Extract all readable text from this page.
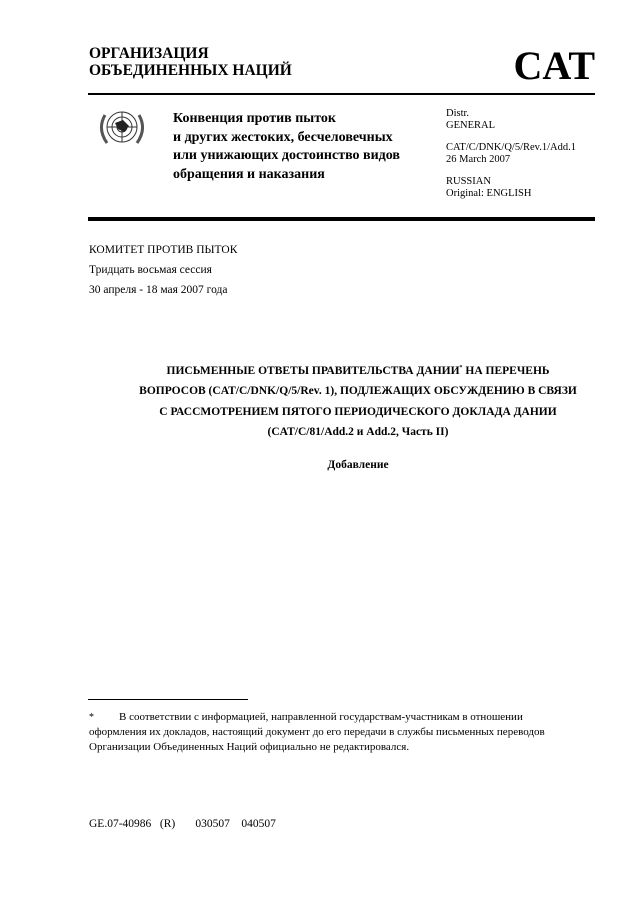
ОРГАНИЗАЦИЯ
ОБЪЕДИНЕННЫХ НАЦИЙ	CAT
Конвенция против пыток
и других жестоких, бесчеловечных
или унижающих достоинство видов
обращения и наказания
Distr.
GENERAL
CAT/C/DNK/Q/5/Rev.1/Add.1
26 March 2007
RUSSIAN
Original: ENGLISH
КОМИТЕТ ПРОТИВ ПЫТОК
Тридцать восьмая сессия
30 апреля - 18 мая 2007 года
ПИСЬМЕННЫЕ ОТВЕТЫ ПРАВИТЕЛЬСТВА ДАНИИ* НА ПЕРЕЧЕНЬ
ВОПРОСОВ (CAT/C/DNK/Q/5/Rev. 1), ПОДЛЕЖАЩИХ ОБСУЖДЕНИЮ В СВЯЗИ
С РАССМОТРЕНИЕМ ПЯТОГО ПЕРИОДИЧЕСКОГО ДОКЛАДА ДАНИИ
(CAT/C/81/Add.2 и Add.2, Часть II)
Добавление
* В соответствии с информацией, направленной государствам-участникам в отношении оформления их докладов, настоящий документ до его передачи в службы письменных переводов Организации Объединенных Наций официально не редактировался.
GE.07-40986   (R)       030507    040507
